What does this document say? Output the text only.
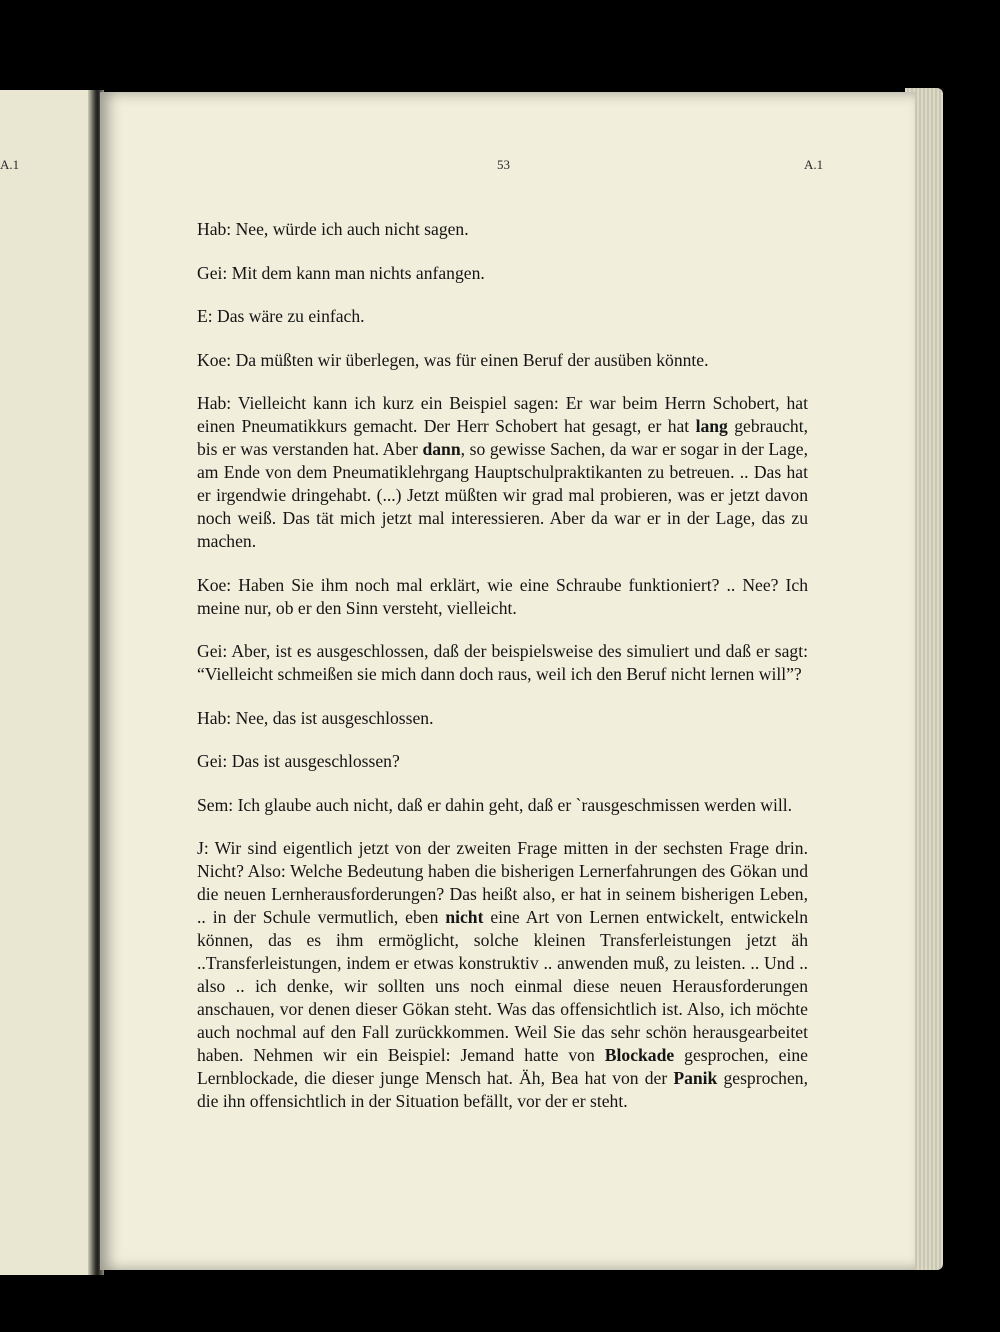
A.1	53	A.1

Hab: Nee, würde ich auch nicht sagen.

Gei: Mit dem kann man nichts anfangen.

E: Das wäre zu einfach.

Koe: Da müßten wir überlegen, was für einen Beruf der ausüben könnte.

Hab: Vielleicht kann ich kurz ein Beispiel sagen: Er war beim Herrn Schobert, hat einen Pneumatikkurs gemacht. Der Herr Schobert hat gesagt, er hat lang gebraucht, bis er was verstanden hat. Aber dann, so gewisse Sachen, da war er sogar in der Lage, am Ende von dem Pneumatiklehrgang Hauptschulpraktikanten zu betreuen. .. Das hat er irgendwie dringehabt. (...) Jetzt müßten wir grad mal probieren, was er jetzt davon noch weiß. Das tät mich jetzt mal interessieren. Aber da war er in der Lage, das zu machen.

Koe: Haben Sie ihm noch mal erklärt, wie eine Schraube funktioniert? .. Nee? Ich meine nur, ob er den Sinn versteht, vielleicht.

Gei: Aber, ist es ausgeschlossen, daß der beispielsweise des simuliert und daß er sagt: “Vielleicht schmeißen sie mich dann doch raus, weil ich den Beruf nicht lernen will”?

Hab: Nee, das ist ausgeschlossen.

Gei: Das ist ausgeschlossen?

Sem: Ich glaube auch nicht, daß er dahin geht, daß er `rausgeschmissen werden will.

J: Wir sind eigentlich jetzt von der zweiten Frage mitten in der sechsten Frage drin. Nicht? Also: Welche Bedeutung haben die bisherigen Lernerfahrungen des Gökan und die neuen Lernherausforderungen? Das heißt also, er hat in seinem bisherigen Leben, .. in der Schule vermutlich, eben nicht eine Art von Lernen entwickelt, entwickeln können, das es ihm ermöglicht, solche kleinen Transferleistungen jetzt äh ..Transferleistungen, indem er etwas konstruktiv .. anwenden muß, zu leisten. .. Und .. also .. ich denke, wir sollten uns noch einmal diese neuen Herausforderungen anschauen, vor denen dieser Gökan steht. Was das offensichtlich ist. Also, ich möchte auch nochmal auf den Fall zurückkommen. Weil Sie das sehr schön herausgearbeitet haben. Nehmen wir ein Beispiel: Jemand hatte von Blockade gesprochen, eine Lernblockade, die dieser junge Mensch hat. Äh, Bea hat von der Panik gesprochen, die ihn offensichtlich in der Situation befällt, vor der er steht.
